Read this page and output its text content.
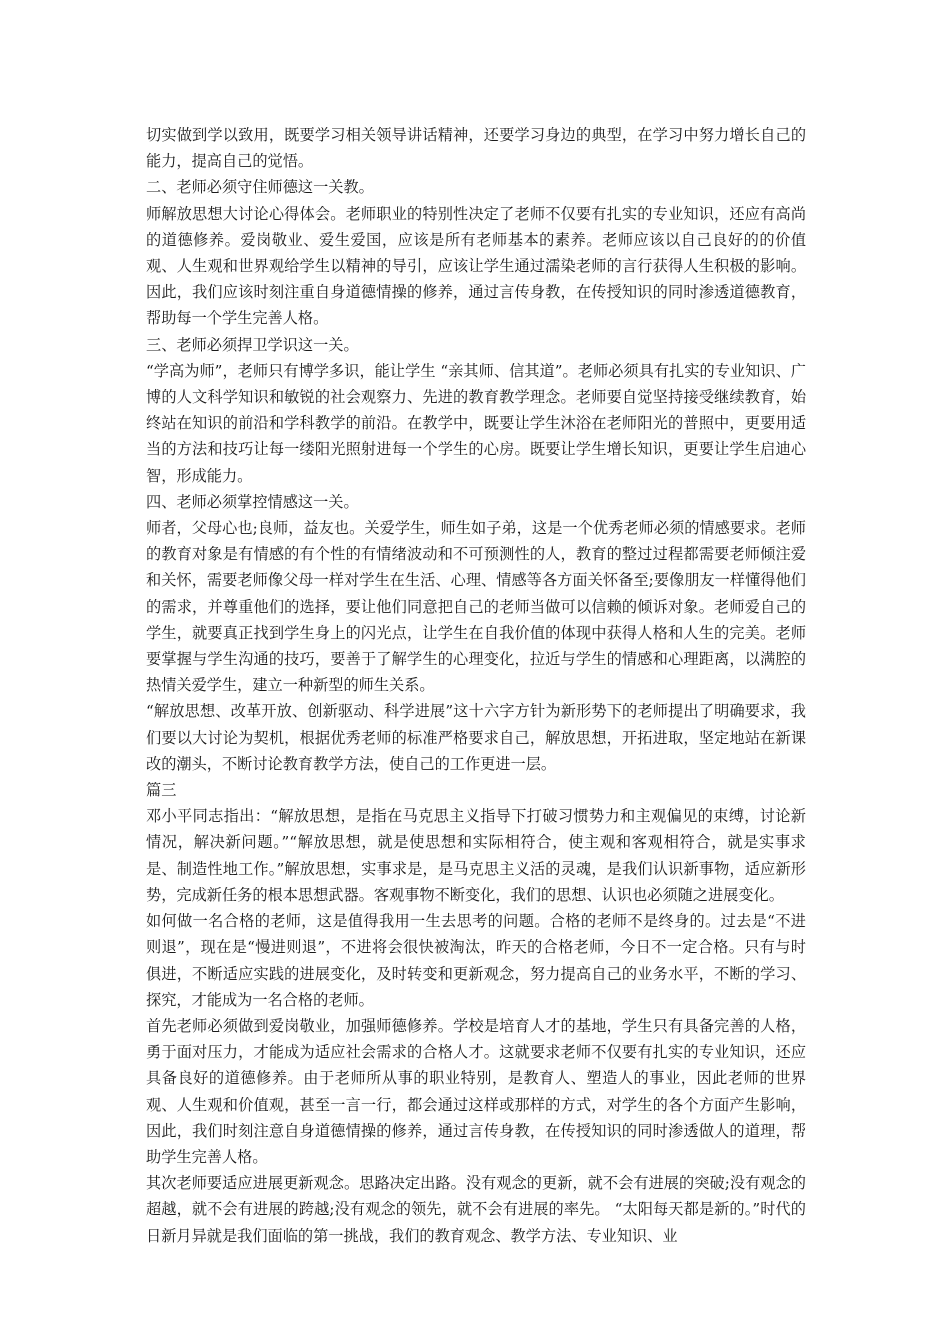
切实做到学以致用，既要学习相关领导讲话精神，还要学习身边的典型，在学习中努力增长自己的能力，提高自己的觉悟。

二、老师必须守住师德这一关教。

师解放思想大讨论心得体会。老师职业的特别性决定了老师不仅要有扎实的专业知识，还应有高尚的道德修养。爱岗敬业、爱生爱国，应该是所有老师基本的素养。老师应该以自己良好的的价值观、人生观和世界观给学生以精神的导引，应该让学生通过濡染老师的言行获得人生积极的影响。因此，我们应该时刻注重自身道德情操的修养，通过言传身教，在传授知识的同时渗透道德教育，帮助每一个学生完善人格。

三、老师必须捍卫学识这一关。

“学高为师”，老师只有博学多识，能让学生 “亲其师、信其道”。老师必须具有扎实的专业知识、广博的人文科学知识和敏锐的社会观察力、先进的教育教学理念。老师要自觉坚持接受继续教育，始终站在知识的前沿和学科教学的前沿。在教学中，既要让学生沐浴在老师阳光的普照中，更要用适当的方法和技巧让每一缕阳光照射进每一个学生的心房。既要让学生增长知识，更要让学生启迪心智，形成能力。

四、老师必须掌控情感这一关。

师者，父母心也;良师，益友也。关爱学生，师生如子弟，这是一个优秀老师必须的情感要求。老师的教育对象是有情感的有个性的有情绪波动和不可预测性的人，教育的整过过程都需要老师倾注爱和关怀，需要老师像父母一样对学生在生活、心理、情感等各方面关怀备至;要像朋友一样懂得他们的需求，并尊重他们的选择，要让他们同意把自己的老师当做可以信赖的倾诉对象。老师爱自己的学生，就要真正找到学生身上的闪光点，让学生在自我价值的体现中获得人格和人生的完美。老师要掌握与学生沟通的技巧，要善于了解学生的心理变化，拉近与学生的情感和心理距离，以满腔的热情关爱学生，建立一种新型的师生关系。

“解放思想、改革开放、创新驱动、科学进展”这十六字方针为新形势下的老师提出了明确要求，我们要以大讨论为契机，根据优秀老师的标准严格要求自己，解放思想，开拓进取，坚定地站在新课改的潮头，不断讨论教育教学方法，使自己的工作更进一层。

篇三

邓小平同志指出：“解放思想，是指在马克思主义指导下打破习惯势力和主观偏见的束缚，讨论新情况，解决新问题。”“解放思想，就是使思想和实际相符合，使主观和客观相符合，就是实事求是、制造性地工作。”解放思想，实事求是，是马克思主义活的灵魂，是我们认识新事物，适应新形势，完成新任务的根本思想武器。客观事物不断变化，我们的思想、认识也必须随之进展变化。

如何做一名合格的老师，这是值得我用一生去思考的问题。合格的老师不是终身的。过去是“不进则退”，现在是“慢进则退”，不进将会很快被淘汰，昨天的合格老师，今日不一定合格。只有与时俱进，不断适应实践的进展变化，及时转变和更新观念，努力提高自己的业务水平，不断的学习、探究，才能成为一名合格的老师。

首先老师必须做到爱岗敬业，加强师德修养。学校是培育人才的基地，学生只有具备完善的人格，勇于面对压力，才能成为适应社会需求的合格人才。这就要求老师不仅要有扎实的专业知识，还应具备良好的道德修养。由于老师所从事的职业特别，是教育人、塑造人的事业，因此老师的世界观、人生观和价值观，甚至一言一行，都会通过这样或那样的方式，对学生的各个方面产生影响，因此，我们时刻注意自身道德情操的修养，通过言传身教，在传授知识的同时渗透做人的道理，帮助学生完善人格。

其次老师要适应进展更新观念。思路决定出路。没有观念的更新，就不会有进展的突破;没有观念的超越，就不会有进展的跨越;没有观念的领先，就不会有进展的率先。 “太阳每天都是新的。”时代的日新月异就是我们面临的第一挑战，我们的教育观念、教学方法、专业知识、业
